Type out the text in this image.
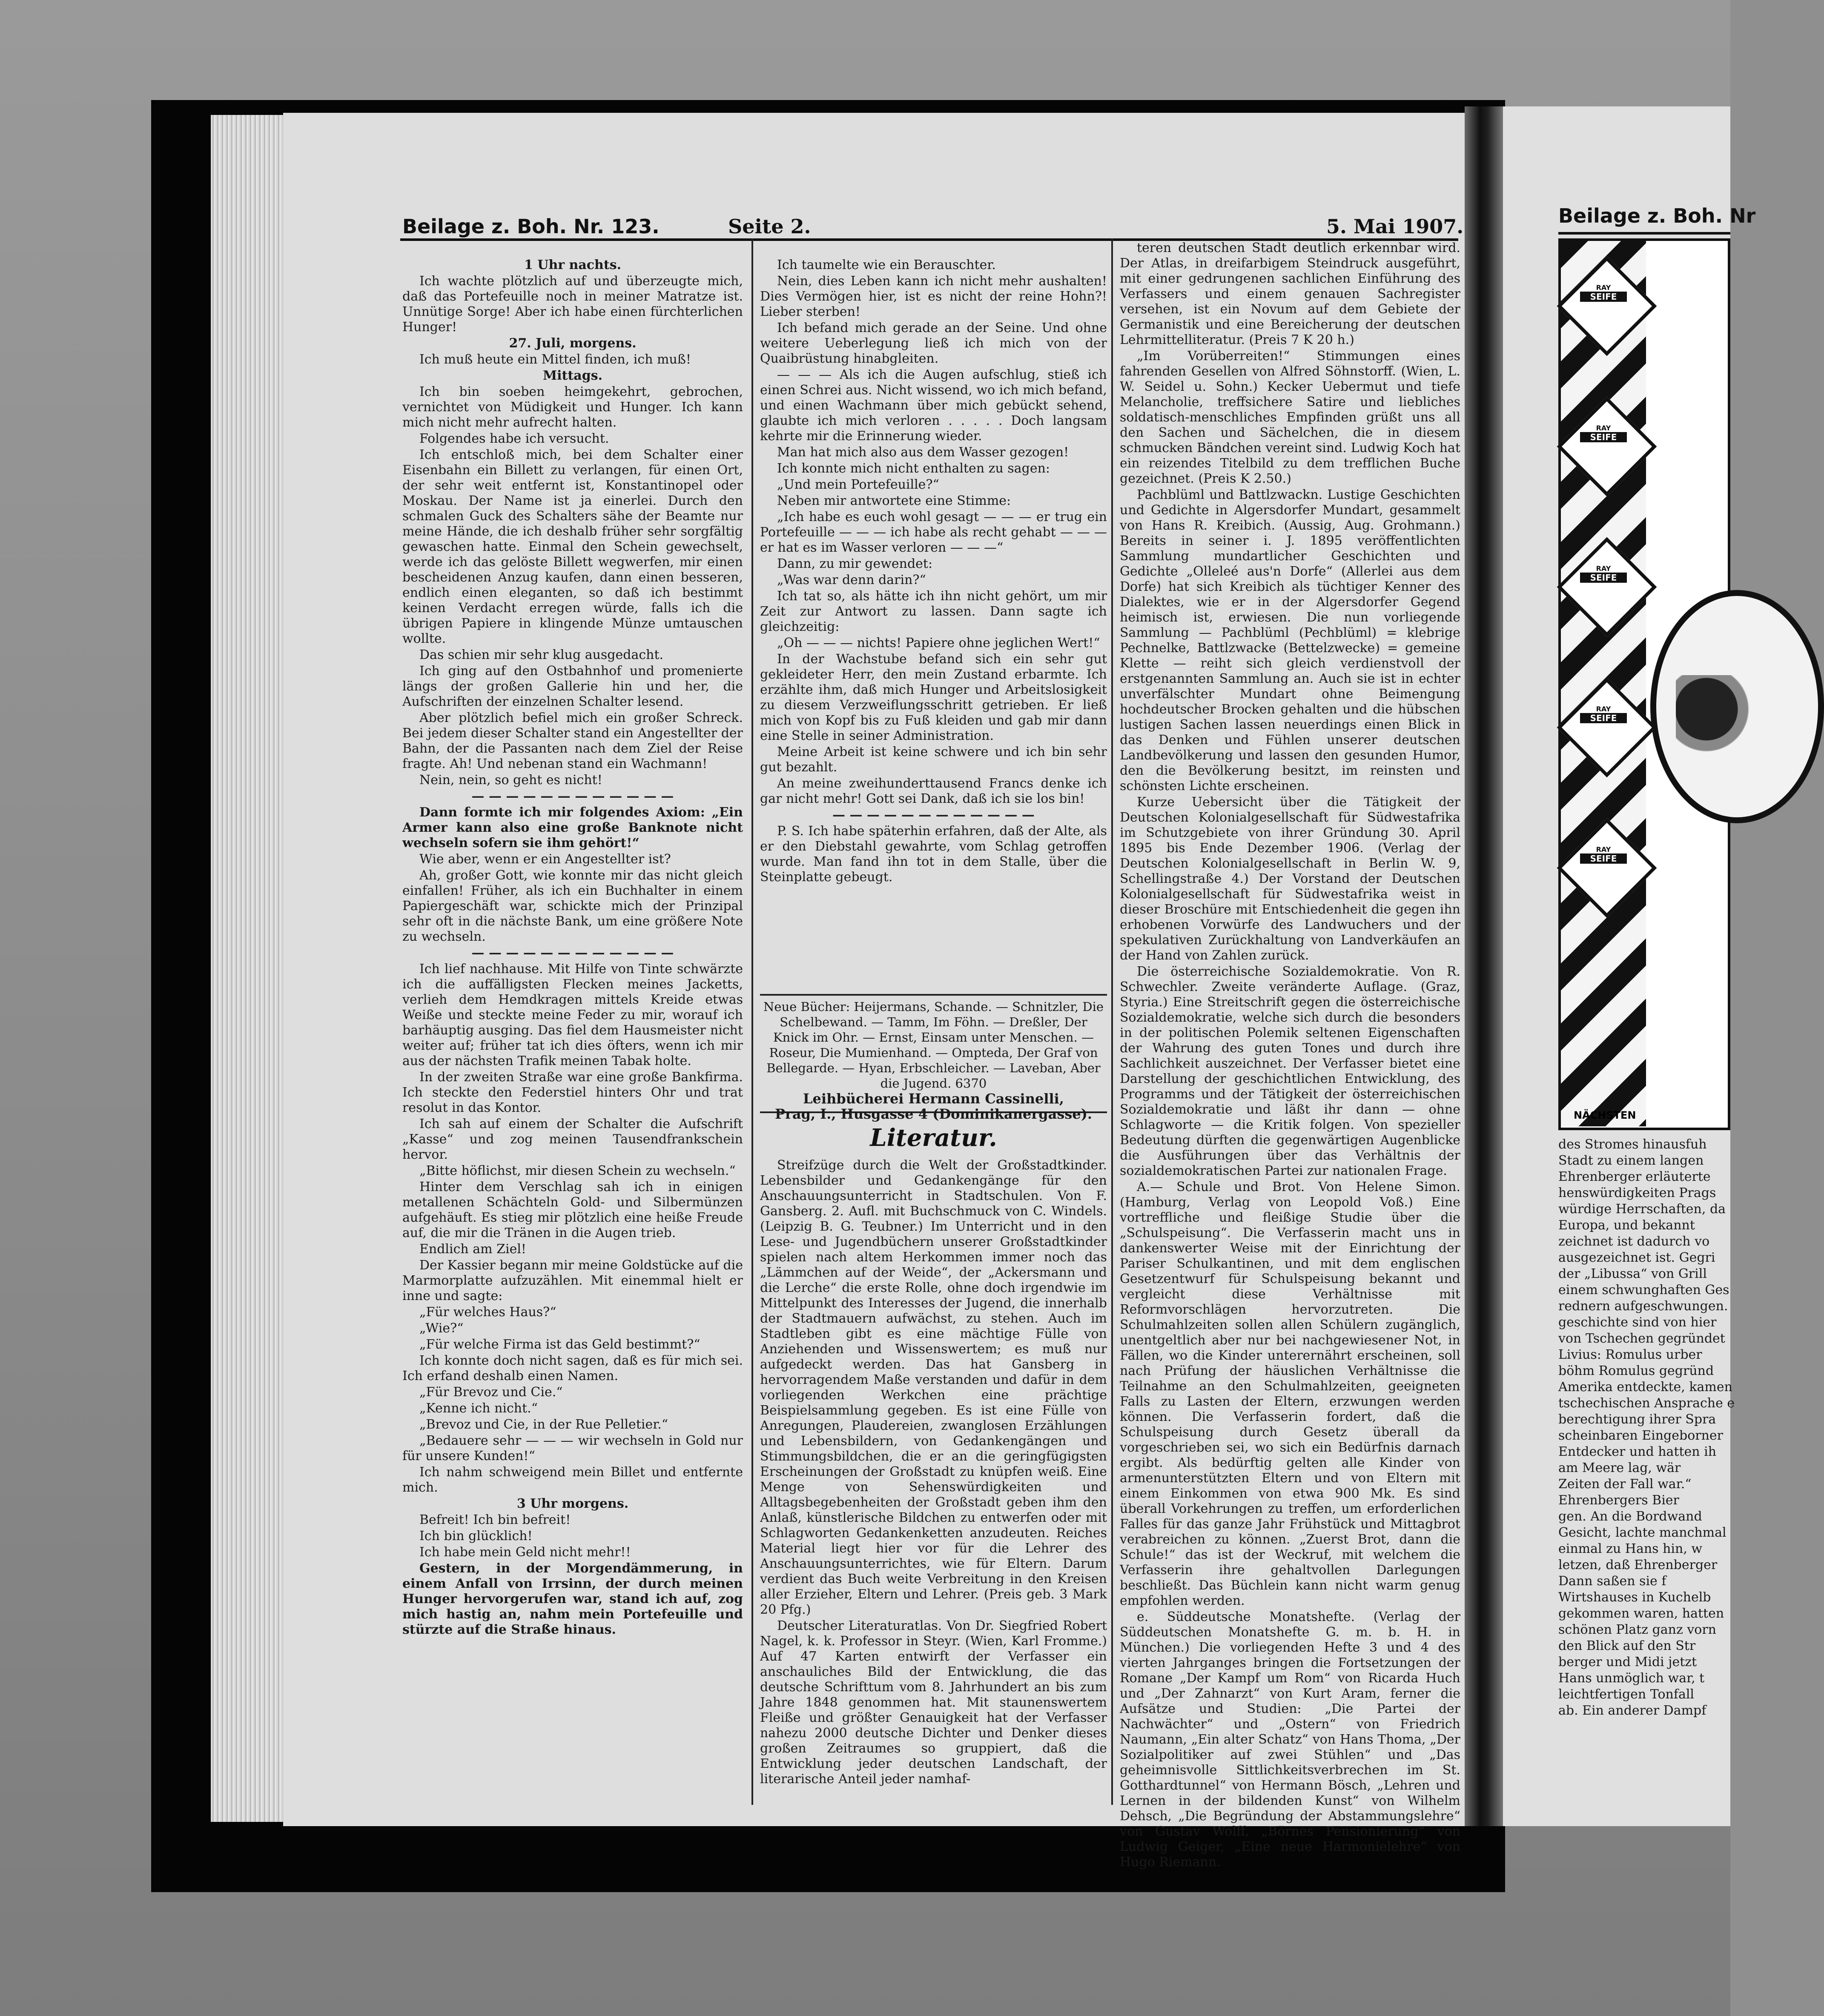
Beilage z. Boh. Nr. 123.	Seite 2.	5. Mai 1907.

1 Uhr nachts.

Ich wachte plötzlich auf und überzeugte mich, daß das Portefeuille noch in meiner Matratze ist. Unnütige Sorge! Aber ich habe einen fürchterlichen Hunger!

27. Juli, morgens.

Ich muß heute ein Mittel finden, ich muß!

Mittags.

Ich bin soeben heimgekehrt, gebrochen, vernichtet von Müdigkeit und Hunger. Ich kann mich nicht mehr aufrecht halten.

Folgendes habe ich versucht.

Ich entschloß mich, bei dem Schalter einer Eisenbahn ein Billett zu verlangen, für einen Ort, der sehr weit entfernt ist, Konstantinopel oder Moskau. Der Name ist ja einerlei. Durch den schmalen Guck des Schalters sähe der Beamte nur meine Hände, die ich deshalb früher sehr sorgfältig gewaschen hatte. Einmal den Schein gewechselt, werde ich das gelöste Billett wegwerfen, mir einen bescheidenen Anzug kaufen, dann einen besseren, endlich einen eleganten, so daß ich bestimmt keinen Verdacht erregen würde, falls ich die übrigen Papiere in klingende Münze umtauschen wollte.

Das schien mir sehr klug ausgedacht.

Ich ging auf den Ostbahnhof und promenierte längs der großen Gallerie hin und her, die Aufschriften der einzelnen Schalter lesend.

Aber plötzlich befiel mich ein großer Schreck. Bei jedem dieser Schalter stand ein Angestellter der Bahn, der die Passanten nach dem Ziel der Reise fragte. Ah! Und nebenan stand ein Wachmann!

Nein, nein, so geht es nicht!

— — — — — — — — — — — —

Dann formte ich mir folgendes Axiom: „Ein Armer kann also eine große Banknote nicht wechseln sofern sie ihm gehört!“

Wie aber, wenn er ein Angestellter ist?

Ah, großer Gott, wie konnte mir das nicht gleich einfallen! Früher, als ich ein Buchhalter in einem Papiergeschäft war, schickte mich der Prinzipal sehr oft in die nächste Bank, um eine größere Note zu wechseln.

— — — — — — — — — — — —

Ich lief nachhause. Mit Hilfe von Tinte schwärzte ich die auffälligsten Flecken meines Jacketts, verlieh dem Hemdkragen mittels Kreide etwas Weiße und steckte meine Feder zu mir, worauf ich barhäuptig ausging. Das fiel dem Hausmeister nicht weiter auf; früher tat ich dies öfters, wenn ich mir aus der nächsten Trafik meinen Tabak holte.

In der zweiten Straße war eine große Bankfirma. Ich steckte den Federstiel hinters Ohr und trat resolut in das Kontor.

Ich sah auf einem der Schalter die Aufschrift „Kasse“ und zog meinen Tausendfrankschein hervor.

„Bitte höflichst, mir diesen Schein zu wechseln.“

Hinter dem Verschlag sah ich in einigen metallenen Schächteln Gold- und Silbermünzen aufgehäuft. Es stieg mir plötzlich eine heiße Freude auf, die mir die Tränen in die Augen trieb.

Endlich am Ziel!

Der Kassier begann mir meine Goldstücke auf die Marmorplatte aufzuzählen. Mit einemmal hielt er inne und sagte:

„Für welches Haus?“

„Wie?“

„Für welche Firma ist das Geld bestimmt?“

Ich konnte doch nicht sagen, daß es für mich sei. Ich erfand deshalb einen Namen.

„Für Brevoz und Cie.“

„Kenne ich nicht.“

„Brevoz und Cie, in der Rue Pelletier.“

„Bedauere sehr — — — wir wechseln in Gold nur für unsere Kunden!“

Ich nahm schweigend mein Billet und entfernte mich.

3 Uhr morgens.

Befreit! Ich bin befreit!

Ich bin glücklich!

Ich habe mein Geld nicht mehr!!

Gestern, in der Morgendämmerung, in einem Anfall von Irrsinn, der durch meinen Hunger hervorgerufen war, stand ich auf, zog mich hastig an, nahm mein Portefeuille und stürzte auf die Straße hinaus.

Ich taumelte wie ein Berauschter.

Nein, dies Leben kann ich nicht mehr aushalten! Dies Vermögen hier, ist es nicht der reine Hohn?! Lieber sterben!

Ich befand mich gerade an der Seine. Und ohne weitere Ueberlegung ließ ich mich von der Quaibrüstung hinabgleiten.

— — — Als ich die Augen aufschlug, stieß ich einen Schrei aus. Nicht wissend, wo ich mich befand, und einen Wachmann über mich gebückt sehend, glaubte ich mich verloren . . . . . Doch langsam kehrte mir die Erinnerung wieder.

Man hat mich also aus dem Wasser gezogen!

Ich konnte mich nicht enthalten zu sagen:

„Und mein Portefeuille?“

Neben mir antwortete eine Stimme:

„Ich habe es euch wohl gesagt — — — er trug ein Portefeuille — — — ich habe als recht gehabt — — — er hat es im Wasser verloren — — —“

Dann, zu mir gewendet:

„Was war denn darin?“

Ich tat so, als hätte ich ihn nicht gehört, um mir Zeit zur Antwort zu lassen. Dann sagte ich gleichzeitig:

„Oh — — — nichts! Papiere ohne jeglichen Wert!“

In der Wachstube befand sich ein sehr gut gekleideter Herr, den mein Zustand erbarmte. Ich erzählte ihm, daß mich Hunger und Arbeitslosigkeit zu diesem Verzweiflungsschritt getrieben. Er ließ mich von Kopf bis zu Fuß kleiden und gab mir dann eine Stelle in seiner Administration.

Meine Arbeit ist keine schwere und ich bin sehr gut bezahlt.

An meine zweihunderttausend Francs denke ich gar nicht mehr! Gott sei Dank, daß ich sie los bin!

— — — — — — — — — — — —

P. S. Ich habe späterhin erfahren, daß der Alte, als er den Diebstahl gewahrte, vom Schlag getroffen wurde. Man fand ihn tot in dem Stalle, über die Steinplatte gebeugt.

Neue Bücher: Heijermans, Schande. — Schnitzler, Die Schelbewand. — Tamm, Im Föhn. — Dreßler, Der Knick im Ohr. — Ernst, Einsam unter Menschen. — Roseur, Die Mumienhand. — Ompteda, Der Graf von Bellegarde. — Hyan, Erbschleicher. — Laveban, Aber die Jugend. 6370
Leihbücherei Hermann Cassinelli,
Prag, I., Husgasse 4 (Dominikanergasse).
Literatur.

Streifzüge durch die Welt der Großstadtkinder. Lebensbilder und Gedankengänge für den Anschauungsunterricht in Stadtschulen. Von F. Gansberg. 2. Aufl. mit Buchschmuck von C. Windels. (Leipzig B. G. Teubner.) Im Unterricht und in den Lese- und Jugendbüchern unserer Großstadtkinder spielen nach altem Herkommen immer noch das „Lämmchen auf der Weide“, der „Ackersmann und die Lerche“ die erste Rolle, ohne doch irgendwie im Mittelpunkt des Interesses der Jugend, die innerhalb der Stadtmauern aufwächst, zu stehen. Auch im Stadtleben gibt es eine mächtige Fülle von Anziehenden und Wissenswertem; es muß nur aufgedeckt werden. Das hat Gansberg in hervorragendem Maße verstanden und dafür in dem vorliegenden Werkchen eine prächtige Beispielsammlung gegeben. Es ist eine Fülle von Anregungen, Plaudereien, zwanglosen Erzählungen und Lebensbildern, von Gedankengängen und Stimmungsbildchen, die er an die geringfügigsten Erscheinungen der Großstadt zu knüpfen weiß. Eine Menge von Sehenswürdigkeiten und Alltagsbegebenheiten der Großstadt geben ihm den Anlaß, künstlerische Bildchen zu entwerfen oder mit Schlagworten Gedankenketten anzudeuten. Reiches Material liegt hier vor für die Lehrer des Anschauungsunterrichtes, wie für Eltern. Darum verdient das Buch weite Verbreitung in den Kreisen aller Erzieher, Eltern und Lehrer. (Preis geb. 3 Mark 20 Pfg.)

Deutscher Literaturatlas. Von Dr. Siegfried Robert Nagel, k. k. Professor in Steyr. (Wien, Karl Fromme.) Auf 47 Karten entwirft der Verfasser ein anschauliches Bild der Entwicklung, die das deutsche Schrifttum vom 8. Jahrhundert an bis zum Jahre 1848 genommen hat. Mit staunenswertem Fleiße und größter Genauigkeit hat der Verfasser nahezu 2000 deutsche Dichter und Denker dieses großen Zeitraumes so gruppiert, daß die Entwicklung jeder deutschen Landschaft, der literarische Anteil jeder namhaf-

teren deutschen Stadt deutlich erkennbar wird. Der Atlas, in dreifarbigem Steindruck ausgeführt, mit einer gedrungenen sachlichen Einführung des Verfassers und einem genauen Sachregister versehen, ist ein Novum auf dem Gebiete der Germanistik und eine Bereicherung der deutschen Lehrmittelliteratur. (Preis 7 K 20 h.)

„Im Vorüberreiten!“ Stimmungen eines fahrenden Gesellen von Alfred Söhnstorff. (Wien, L. W. Seidel u. Sohn.) Kecker Uebermut und tiefe Melancholie, treffsichere Satire und liebliches soldatisch-menschliches Empfinden grüßt uns all den Sachen und Sächelchen, die in diesem schmucken Bändchen vereint sind. Ludwig Koch hat ein reizendes Titelbild zu dem trefflichen Buche gezeichnet. (Preis K 2.50.)

Pachblüml und Battlzwackn. Lustige Geschichten und Gedichte in Algersdorfer Mundart, gesammelt von Hans R. Kreibich. (Aussig, Aug. Grohmann.) Bereits in seiner i. J. 1895 veröffentlichten Sammlung mundartlicher Geschichten und Gedichte „Olleleé aus'n Dorfe“ (Allerlei aus dem Dorfe) hat sich Kreibich als tüchtiger Kenner des Dialektes, wie er in der Algersdorfer Gegend heimisch ist, erwiesen. Die nun vorliegende Sammlung — Pachblüml (Pechblüml) = klebrige Pechnelke, Battlzwacke (Bettelzwecke) = gemeine Klette — reiht sich gleich verdienstvoll der erstgenannten Sammlung an. Auch sie ist in echter unverfälschter Mundart ohne Beimengung hochdeutscher Brocken gehalten und die hübschen lustigen Sachen lassen neuerdings einen Blick in das Denken und Fühlen unserer deutschen Landbevölkerung und lassen den gesunden Humor, den die Bevölkerung besitzt, im reinsten und schönsten Lichte erscheinen.

Kurze Uebersicht über die Tätigkeit der Deutschen Kolonialgesellschaft für Südwestafrika im Schutzgebiete von ihrer Gründung 30. April 1895 bis Ende Dezember 1906. (Verlag der Deutschen Kolonialgesellschaft in Berlin W. 9, Schellingstraße 4.) Der Vorstand der Deutschen Kolonialgesellschaft für Südwestafrika weist in dieser Broschüre mit Entschiedenheit die gegen ihn erhobenen Vorwürfe des Landwuchers und der spekulativen Zurückhaltung von Landverkäufen an der Hand von Zahlen zurück.

Die österreichische Sozialdemokratie. Von R. Schwechler. Zweite veränderte Auflage. (Graz, Styria.) Eine Streitschrift gegen die österreichische Sozialdemokratie, welche sich durch die besonders in der politischen Polemik seltenen Eigenschaften der Wahrung des guten Tones und durch ihre Sachlichkeit auszeichnet. Der Verfasser bietet eine Darstellung der geschichtlichen Entwicklung, des Programms und der Tätigkeit der österreichischen Sozialdemokratie und läßt ihr dann — ohne Schlagworte — die Kritik folgen. Von spezieller Bedeutung dürften die gegenwärtigen Augenblicke die Ausführungen über das Verhältnis der sozialdemokratischen Partei zur nationalen Frage.

A.— Schule und Brot. Von Helene Simon. (Hamburg, Verlag von Leopold Voß.) Eine vortreffliche und fleißige Studie über die „Schulspeisung“. Die Verfasserin macht uns in dankenswerter Weise mit der Einrichtung der Pariser Schulkantinen, und mit dem englischen Gesetzentwurf für Schulspeisung bekannt und vergleicht diese Verhältnisse mit Reformvorschlägen hervorzutreten. Die Schulmahlzeiten sollen allen Schülern zugänglich, unentgeltlich aber nur bei nachgewiesener Not, in Fällen, wo die Kinder unterernährt erscheinen, soll nach Prüfung der häuslichen Verhältnisse die Teilnahme an den Schulmahlzeiten, geeigneten Falls zu Lasten der Eltern, erzwungen werden können. Die Verfasserin fordert, daß die Schulspeisung durch Gesetz überall da vorgeschrieben sei, wo sich ein Bedürfnis darnach ergibt. Als bedürftig gelten alle Kinder von armenunterstützten Eltern und von Eltern mit einem Einkommen von etwa 900 Mk. Es sind überall Vorkehrungen zu treffen, um erforderlichen Falles für das ganze Jahr Frühstück und Mittagbrot verabreichen zu können. „Zuerst Brot, dann die Schule!“ das ist der Weckruf, mit welchem die Verfasserin ihre gehaltvollen Darlegungen beschließt. Das Büchlein kann nicht warm genug empfohlen werden.

e. Süddeutsche Monatshefte. (Verlag der Süddeutschen Monatshefte G. m. b. H. in München.) Die vorliegenden Hefte 3 und 4 des vierten Jahrganges bringen die Fortsetzungen der Romane „Der Kampf um Rom“ von Ricarda Huch und „Der Zahnarzt“ von Kurt Aram, ferner die Aufsätze und Studien: „Die Partei der Nachwächter“ und „Ostern“ von Friedrich Naumann, „Ein alter Schatz“ von Hans Thoma, „Der Sozialpolitiker auf zwei Stühlen“ und „Das geheimnisvolle Sittlichkeitsverbrechen im St. Gotthardtunnel“ von Hermann Bösch, „Lehren und Lernen in der bildenden Kunst“ von Wilhelm Dehsch, „Die Begründung der Abstammungslehre“ von Gustav Wolff, „Börnes Pensionierung“ von Ludwig Geiger, „Eine neue Harmonielehre“ von Hugo Riemann.

Beilage z. Boh. Nr
RAY
SEIFE
RAY
SEIFE
RAY
SEIFE
RAY
SEIFE
RAY
SEIFE
NÄCHSTEN
des Stromes hinausfuh
Stadt zu einem langen
Ehrenberger erläuterte
henswürdigkeiten Prags
würdige Herrschaften, da
Europa, und bekannt
zeichnet ist dadurch vo
ausgezeichnet ist. Gegri
der „Libussa“ von Grill
einem schwunghaften Ges
rednern aufgeschwungen.
geschichte sind von hier
von Tschechen gegründet
Livius: Romulus urber
böhm Romulus gegründ
Amerika entdeckte, kamen
tschechischen Ansprache e
berechtigung ihrer Spra
scheinbaren Eingeborner
Entdecker und hatten ih
am Meere lag, wär
Zeiten der Fall war.“
Ehrenbergers Bier
gen. An die Bordwand
Gesicht, lachte manchmal
einmal zu Hans hin, w
letzen, daß Ehrenberger
Dann saßen sie f
Wirtshauses in Kuchelb
gekommen waren, hatten
schönen Platz ganz vorn
den Blick auf den Str
berger und Midi jetzt
Hans unmöglich war, t
leichtfertigen Tonfall
ab. Ein anderer Dampf
